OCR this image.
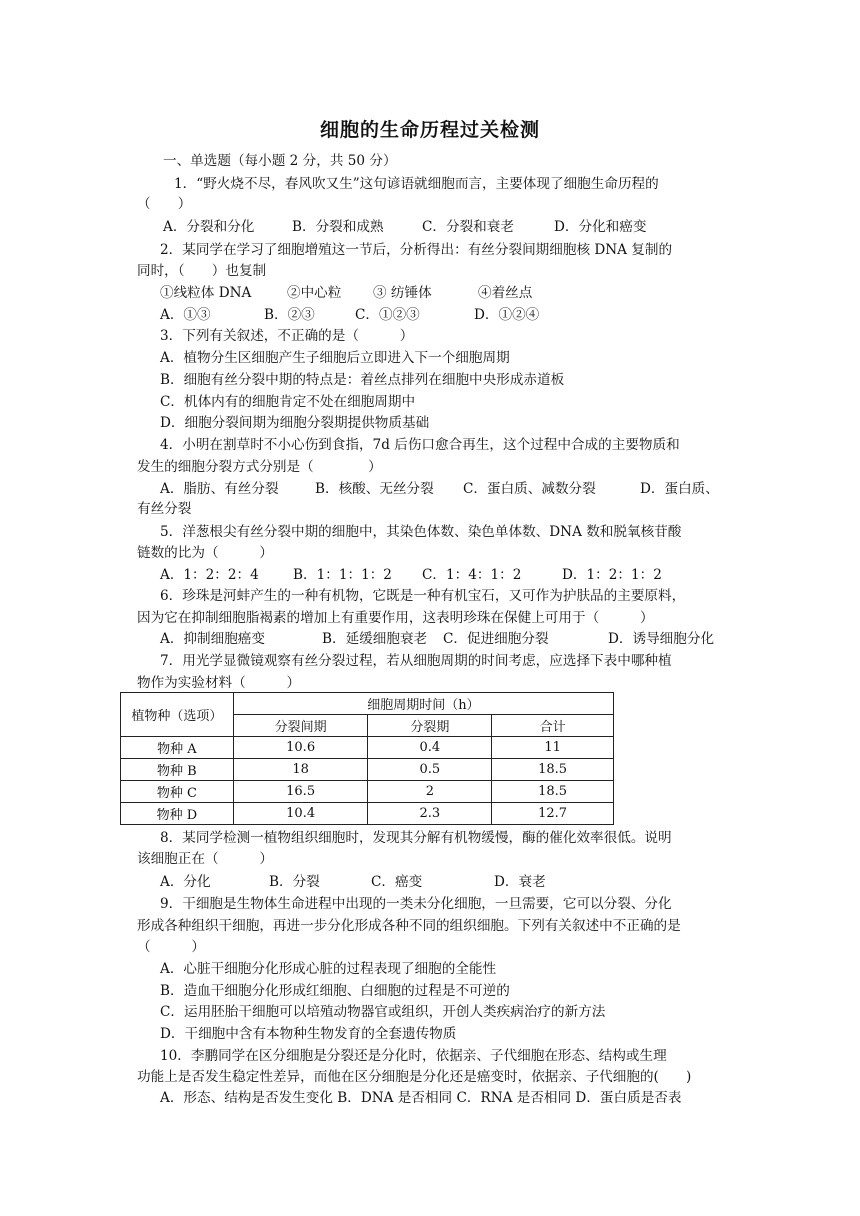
细胞的生命历程过关检测
一、单选题（每小题 2 分，共 50 分）
1．“野火烧不尽，春风吹又生”这句谚语就细胞而言，主要体现了细胞生命历程的
（　　）
A．分裂和分化	B．分裂和成熟	C．分裂和衰老	D．分化和癌变
2．某同学在学习了细胞增殖这一节后，分析得出：有丝分裂间期细胞核 DNA 复制的
同时，（　　）也复制
①线粒体 DNA	②中心粒 ③ 纺锤体	④着丝点
A．①③	B．②③	C．①②③	D．①②④
3．下列有关叙述，不正确的是（　　　）
A．植物分生区细胞产生子细胞后立即进入下一个细胞周期
B．细胞有丝分裂中期的特点是：着丝点排列在细胞中央形成赤道板
C．机体内有的细胞肯定不处在细胞周期中
D．细胞分裂间期为细胞分裂期提供物质基础
4．小明在割草时不小心伤到食指，7d 后伤口愈合再生，这个过程中合成的主要物质和
发生的细胞分裂方式分别是（　　　　）
A．脂肪、有丝分裂	B．核酸、无丝分裂 C．蛋白质、减数分裂	D．蛋白质、
有丝分裂
5．洋葱根尖有丝分裂中期的细胞中，其染色体数、染色单体数、DNA 数和脱氧核苷酸
链数的比为（　　　）
A．1：2：2：4	B．1：1：1：2 C．1：4：1：2	D．1：2：1：2
6．珍珠是河蚌产生的一种有机物，它既是一种有机宝石，又可作为护肤品的主要原料，
因为它在抑制细胞脂褐素的增加上有重要作用，这表明珍珠在保健上可用于（　　　）
A．抑制细胞癌变	B．延缓细胞衰老 C．促进细胞分裂	D．诱导细胞分化
7．用光学显微镜观察有丝分裂过程，若从细胞周期的时间考虑，应选择下表中哪种植
物作为实验材料（　　　）
植物种（选项）	细胞周期时间（h）		
	分裂间期	分裂期	合计
物种 A	10.6	0.4	11
物种 B	18	0.5	18.5
物种 C	16.5	2	18.5
物种 D	10.4	2.3	12.7
8．某同学检测一植物组织细胞时，发现其分解有机物缓慢，酶的催化效率很低。说明
该细胞正在（　　　）
A．分化	B．分裂	C．癌变	D．衰老
9．干细胞是生物体生命进程中出现的一类未分化细胞，一旦需要，它可以分裂、分化
形成各种组织干细胞，再进一步分化形成各种不同的组织细胞。下列有关叙述中不正确的是
（　　　）
A．心脏干细胞分化形成心脏的过程表现了细胞的全能性
B．造血干细胞分化形成红细胞、白细胞的过程是不可逆的
C．运用胚胎干细胞可以培殖动物器官或组织，开创人类疾病治疗的新方法
D．干细胞中含有本物种生物发育的全套遗传物质
10．李鹏同学在区分细胞是分裂还是分化时，依据亲、子代细胞在形态、结构或生理
功能上是否发生稳定性差异，而他在区分细胞是分化还是癌变时，依据亲、子代细胞的(　　)
A．形态、结构是否发生变化 B．DNA 是否相同 C．RNA 是否相同 D．蛋白质是否表
